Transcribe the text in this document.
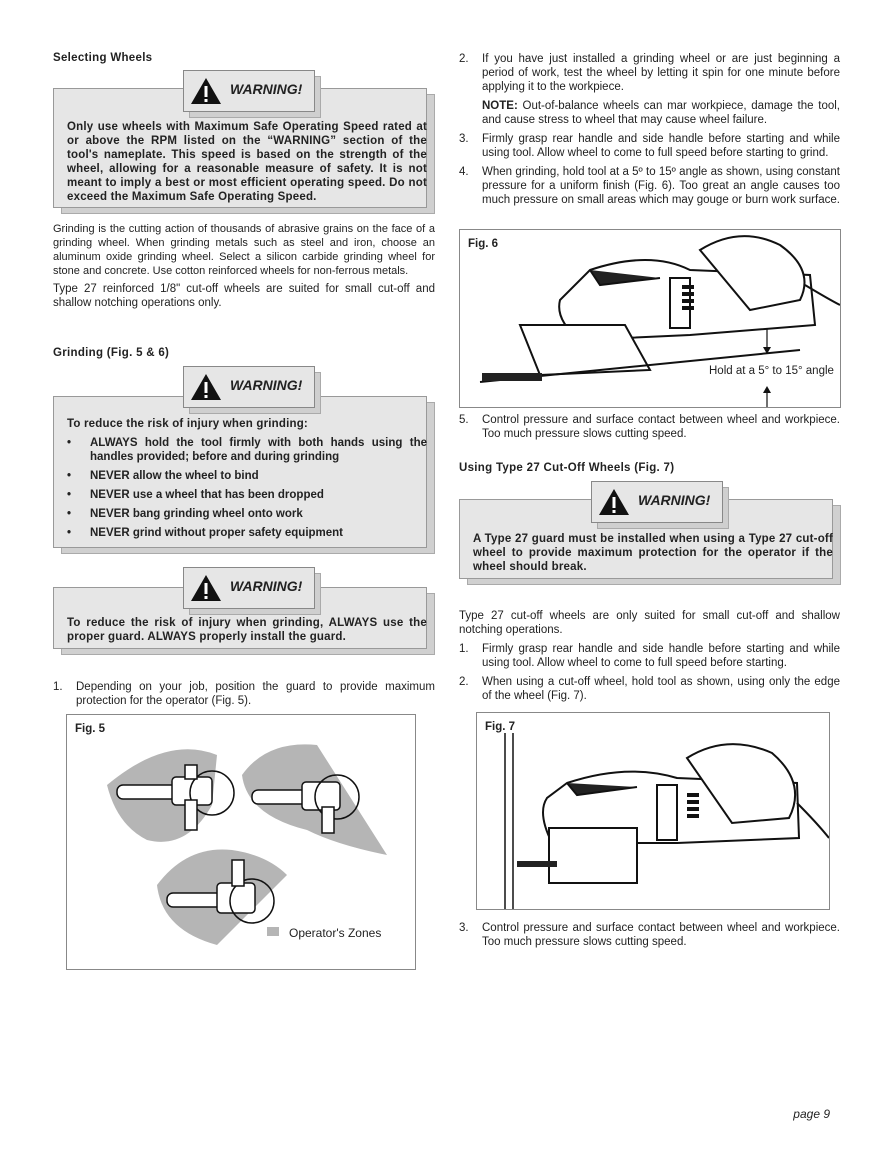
Selecting Wheels
WARNING!
Only use wheels with Maximum Safe Operating Speed rated at or above the RPM listed on the “WARNING” section of the tool's nameplate. This speed is based on the strength of the wheel, allowing for a reasonable measure of safety. It is not meant to imply a best or most efficient operating speed. Do not exceed the Maximum Safe Operating Speed.
Grinding is the cutting action of thousands of abrasive grains on the face of a grinding wheel. When grinding metals such as steel and iron, choose an aluminum oxide grinding wheel. Select a silicon carbide grinding wheel for stone and concrete. Use cotton reinforced wheels for non-ferrous metals.
Type 27 reinforced 1/8" cut-off wheels are suited for small cut-off and shallow notching operations only.
Grinding (Fig. 5 & 6)
WARNING!
To reduce the risk of injury when grinding:
• ALWAYS hold the tool firmly with both hands using the handles provided; before and during grinding
• NEVER allow the wheel to bind
• NEVER use a wheel that has been dropped
• NEVER bang grinding wheel onto work
• NEVER grind without proper safety equipment
WARNING!
To reduce the risk of injury when grinding, ALWAYS use the proper guard. ALWAYS properly install the guard.
1. Depending on your job, position the guard to provide maximum protection for the operator (Fig. 5).
Fig. 5
Operator's Zones
2. If you have just installed a grinding wheel or are just beginning a period of work, test the wheel by letting it spin for one minute before applying it to the workpiece.
NOTE: Out-of-balance wheels can mar workpiece, damage the tool, and cause stress to wheel that may cause wheel failure.
3. Firmly grasp rear handle and side handle before starting and while using tool. Allow wheel to come to full speed before starting to grind.
4. When grinding, hold tool at a 5º to 15º angle as shown, using constant pressure for a uniform finish (Fig. 6). Too great an angle causes too much pressure on small areas which may gouge or burn work surface.
Fig. 6
Hold at a 5° to 15° angle
5. Control pressure and surface contact between wheel and workpiece. Too much pressure slows cutting speed.
Using Type 27 Cut-Off Wheels (Fig. 7)
WARNING!
A Type 27 guard must be installed when using a Type 27 cut-off wheel to provide maximum protection for the operator if the wheel should break.
Type 27 cut-off wheels are only suited for small cut-off and shallow notching operations.
1. Firmly grasp rear handle and side handle before starting and while using tool. Allow wheel to come to full speed before starting.
2. When using a cut-off wheel, hold tool as shown, using only the edge of the wheel (Fig. 7).
Fig. 7
3. Control pressure and surface contact between wheel and workpiece. Too much pressure slows cutting speed.
page 9
